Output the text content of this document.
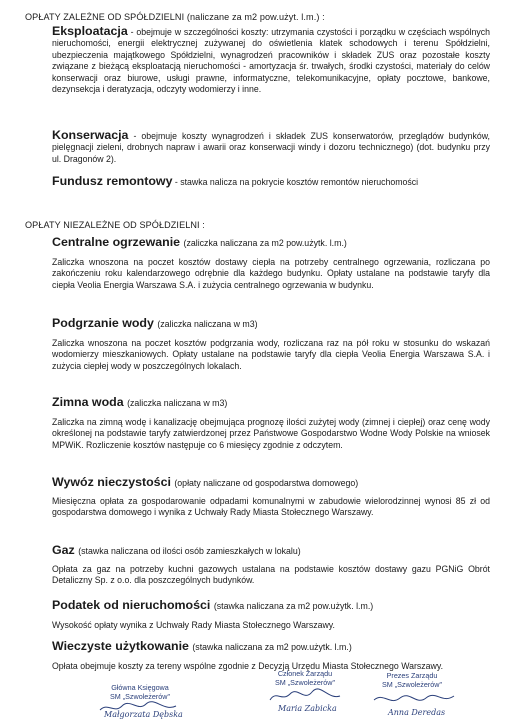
OPŁATY ZALEŻNE OD SPÓŁDZIELNI (naliczane za m2 pow.użyt. l.m.) :

Eksploatacja - obejmuje w szczególności koszty: utrzymania czystości i porządku w częściach wspólnych nieruchomości, energii elektrycznej zużywanej do oświetlenia klatek schodowych i terenu Spółdzielni, ubezpieczenia majątkowego Spółdzielni, wynagrodzeń pracowników i składek ZUS oraz pozostałe koszty związane z bieżącą eksploatacją nieruchomości - amortyzacja śr. trwałych, środki czystości, materiały do celów konserwacji oraz biurowe, usługi prawne, informatyczne, telekomunikacyjne, opłaty pocztowe, bankowe, dezynsekcja i deratyzacja, odczyty wodomierzy i inne.

Konserwacja - obejmuje koszty wynagrodzeń i składek ZUS konserwatorów, przeglądów budynków, pielęgnacji zieleni, drobnych napraw i awarii oraz konserwacji windy i dozoru technicznego) (dot. budynku przy ul. Dragonów 2).

Fundusz remontowy - stawka nalicza na pokrycie kosztów remontów nieruchomości

OPŁATY NIEZALEŻNE OD SPÓŁDZIELNI :
Centralne ogrzewanie (zaliczka naliczana za m2 pow.użytk. l.m.)

Zaliczka wnoszona na poczet kosztów dostawy ciepła na potrzeby centralnego ogrzewania, rozliczana po zakończeniu roku kalendarzowego odrębnie dla każdego budynku. Opłaty ustalane na podstawie taryfy dla ciepła Veolia Energia Warszawa S.A. i zużycia centralnego ogrzewania w budynku.

Podgrzanie wody (zaliczka naliczana w m3)

Zaliczka wnoszona na poczet kosztów podgrzania wody, rozliczana raz na pół roku w stosunku do wskazań wodomierzy mieszkaniowych. Opłaty ustalane na podstawie taryfy dla ciepła Veolia Energia Warszawa S.A. i zużycia ciepłej wody w poszczególnych lokalach.

Zimna woda (zaliczka naliczana w m3)

Zaliczka na zimną wodę i kanalizację obejmująca prognozę ilości zużytej wody (zimnej i ciepłej) oraz cenę wody określonej na podstawie taryfy zatwierdzonej przez Państwowe Gospodarstwo Wodne Wody Polskie na wniosek MPWiK. Rozliczenie kosztów następuje co 6 miesięcy zgodnie z odczytem.

Wywóz nieczystości (opłaty naliczane od gospodarstwa domowego)

Miesięczna opłata za gospodarowanie odpadami komunalnymi w zabudowie wielorodzinnej wynosi 85 zł od gospodarstwa domowego i wynika z Uchwały Rady Miasta Stołecznego Warszawy.

Gaz (stawka naliczana od ilości osób zamieszkałych w lokalu)

Opłata za gaz na potrzeby kuchni gazowych ustalana na podstawie kosztów dostawy gazu PGNiG Obrót Detaliczny Sp. z o.o. dla poszczególnych budynków.

Podatek od nieruchomości (stawka naliczana za m2 pow.użytk. l.m.)

Wysokość opłaty wynika z Uchwały Rady Miasta Stołecznego Warszawy.

Wieczyste użytkowanie (stawka naliczana za m2 pow.użytk. l.m.)

Opłata obejmuje koszty za tereny wspólne zgodnie z Decyzją Urzędu Miasta Stołecznego Warszawy.

Główna Księgowa
SM „Szwoleżerów"
Małgorzata Dębska
Członek Zarządu
SM „Szwoleżerów"
Maria Zabicka
Prezes Zarządu
SM „Szwoleżerów"
Anna Deredas
